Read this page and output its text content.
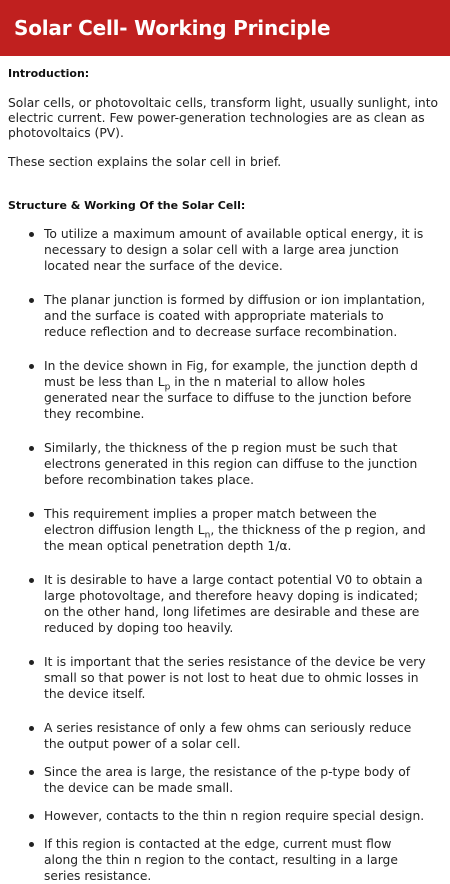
Solar Cell- Working Principle

Introduction:

Solar cells, or photovoltaic cells, transform light, usually sunlight, into electric current. Few power-generation technologies are as clean as photovoltaics (PV).

These section explains the solar cell in brief.

Structure & Working Of the Solar Cell:

To utilize a maximum amount of available optical energy, it is necessary to design a solar cell with a large area junction located near the surface of the device.
The planar junction is formed by diffusion or ion implantation, and the surface is coated with appropriate materials to reduce reflection and to decrease surface recombination.
In the device shown in Fig, for example, the junction depth d must be less than $L_p$ in the n material to allow holes generated near the surface to diffuse to the junction before they recombine.
Similarly, the thickness of the p region must be such that electrons generated in this region can diffuse to the junction before recombination takes place.
This requirement implies a proper match between the electron diffusion length $L_n$, the thickness of the p region, and the mean optical penetration depth 1/α.
It is desirable to have a large contact potential V0 to obtain a large photovoltage, and therefore heavy doping is indicated; on the other hand, long lifetimes are desirable and these are reduced by doping too heavily.
It is important that the series resistance of the device be very small so that power is not lost to heat due to ohmic losses in the device itself.
A series resistance of only a few ohms can seriously reduce the output power of a solar cell.
Since the area is large, the resistance of the p-type body of the device can be made small.
However, contacts to the thin n region require special design.
If this region is contacted at the edge, current must flow along the thin n region to the contact, resulting in a large series resistance.
